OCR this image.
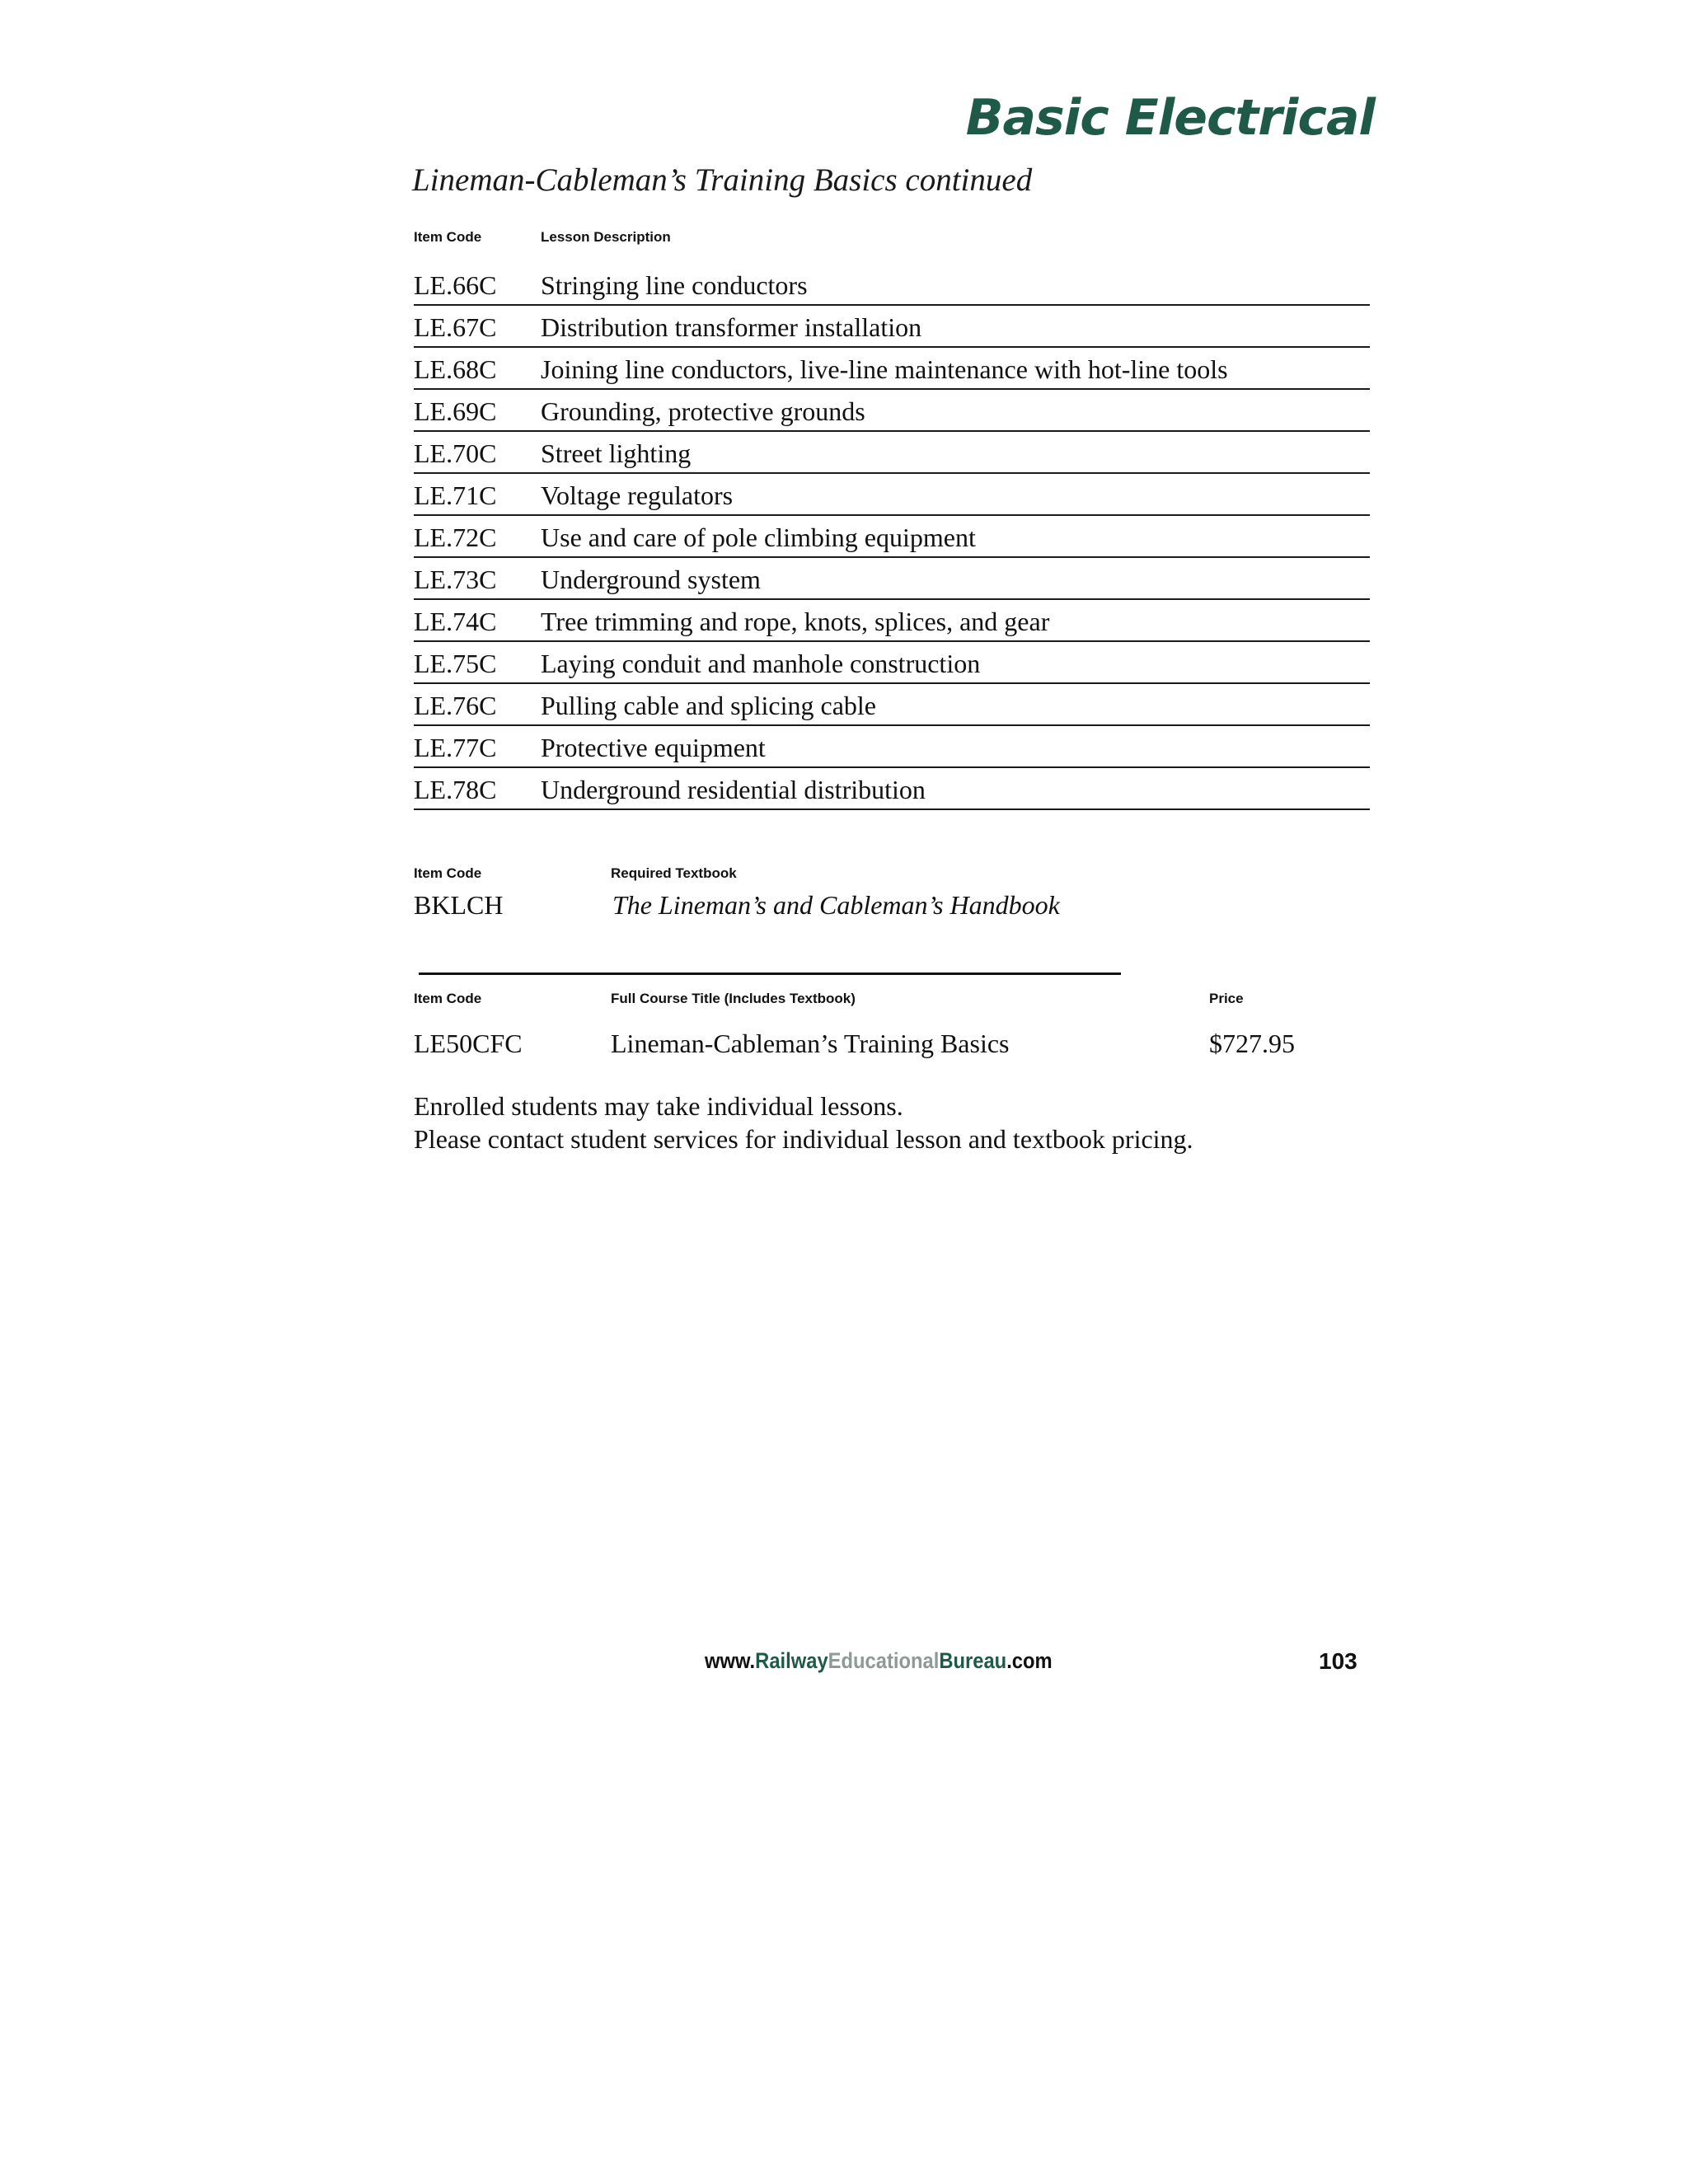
Basic Electrical
Lineman-Cableman’s Training Basics continued
Item Code	Lesson Description
LE.66C	Stringing line conductors
LE.67C	Distribution transformer installation
LE.68C	Joining line conductors, live-line maintenance with hot-line tools
LE.69C	Grounding, protective grounds
LE.70C	Street lighting
LE.71C	Voltage regulators
LE.72C	Use and care of pole climbing equipment
LE.73C	Underground system
LE.74C	Tree trimming and rope, knots, splices, and gear
LE.75C	Laying conduit and manhole construction
LE.76C	Pulling cable and splicing cable
LE.77C	Protective equipment
LE.78C	Underground residential distribution
Item Code	Required Textbook
BKLCH	The Lineman’s and Cableman’s Handbook
Item Code	Full Course Title (Includes Textbook)	Price
LE50CFC	Lineman-Cableman’s Training Basics	$727.95
Enrolled students may take individual lessons.
Please contact student services for individual lesson and textbook pricing.
www.RailwayEducationalBureau.com	103
